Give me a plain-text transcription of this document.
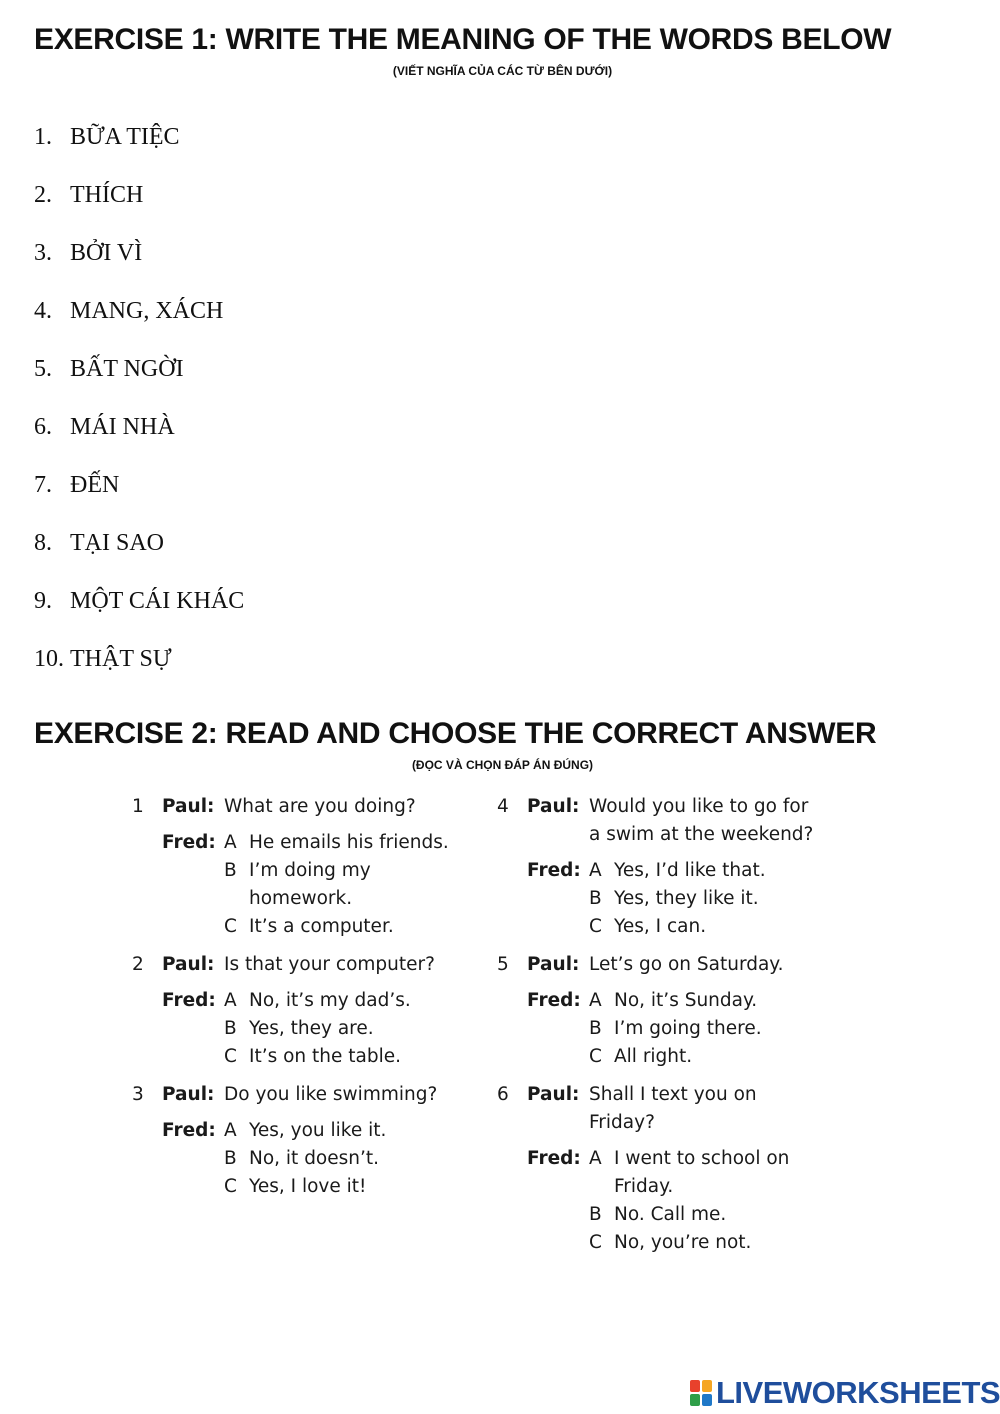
EXERCISE 1: WRITE THE MEANING OF THE WORDS BELOW
(VIẾT NGHĨA CỦA CÁC TỪ BÊN DƯỚI)
1. BỮA TIỆC
2. THÍCH
3. BỞI VÌ
4. MANG, XÁCH
5. BẤT NGỜI
6. MÁI NHÀ
7. ĐẾN
8. TẠI SAO
9. MỘT CÁI KHÁC
10. THẬT SỰ
EXERCISE 2: READ AND CHOOSE THE CORRECT ANSWER
(ĐỌC VÀ CHỌN ĐÁP ÁN ĐÚNG)
1 Paul: What are you doing?
Fred: A He emails his friends.
B I’m doing my homework.
C It’s a computer.
2 Paul: Is that your computer?
Fred: A No, it’s my dad’s.
B Yes, they are.
C It’s on the table.
3 Paul: Do you like swimming?
Fred: A Yes, you like it.
B No, it doesn’t.
C Yes, I love it!
4 Paul: Would you like to go for a swim at the weekend?
Fred: A Yes, I’d like that.
B Yes, they like it.
C Yes, I can.
5 Paul: Let’s go on Saturday.
Fred: A No, it’s Sunday.
B I’m going there.
C All right.
6 Paul: Shall I text you on Friday?
Fred: A I went to school on Friday.
B No. Call me.
C No, you’re not.
LIVEWORKSHEETS
